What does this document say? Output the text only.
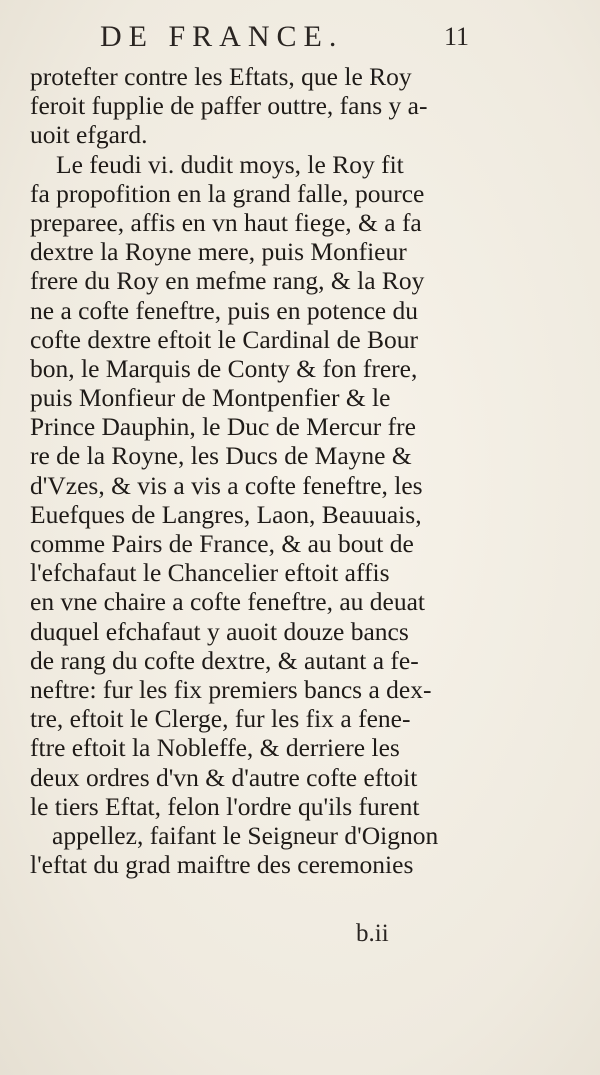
DE FRANCE.	11
protefter contre les Eftats, que le Roy
feroit fupplie de paffer outtre, fans y a-
uoit efgard.
Le feudi vi. dudit moys, le Roy fit
fa propofition en la grand falle, pource
preparee, affis en vn haut fiege, & a fa
dextre la Royne mere, puis Monfieur
frere du Roy en mefme rang, & la Roy
ne a cofte feneftre, puis en potence du
cofte dextre eftoit le Cardinal de Bour
bon, le Marquis de Conty & fon frere,
puis Monfieur de Montpenfier & le
Prince Dauphin, le Duc de Mercur fre
re de la Royne, les Ducs de Mayne &
d'Vzes, & vis a vis a cofte feneftre, les
Euefques de Langres, Laon, Beauuais,
comme Pairs de France, & au bout de
l'efchafaut le Chancelier eftoit affis
en vne chaire a cofte feneftre, au deuat
duquel efchafaut y auoit douze bancs
de rang du cofte dextre, & autant a fe-
neftre: fur les fix premiers bancs a dex-
tre, eftoit le Clerge, fur les fix a fene-
ftre eftoit la Nobleffe, & derriere les
deux ordres d'vn & d'autre cofte eftoit
le tiers Eftat, felon l'ordre qu'ils furent
appellez, faifant le Seigneur d'Oignon
l'eftat du grad maiftre des ceremonies
b.ii
